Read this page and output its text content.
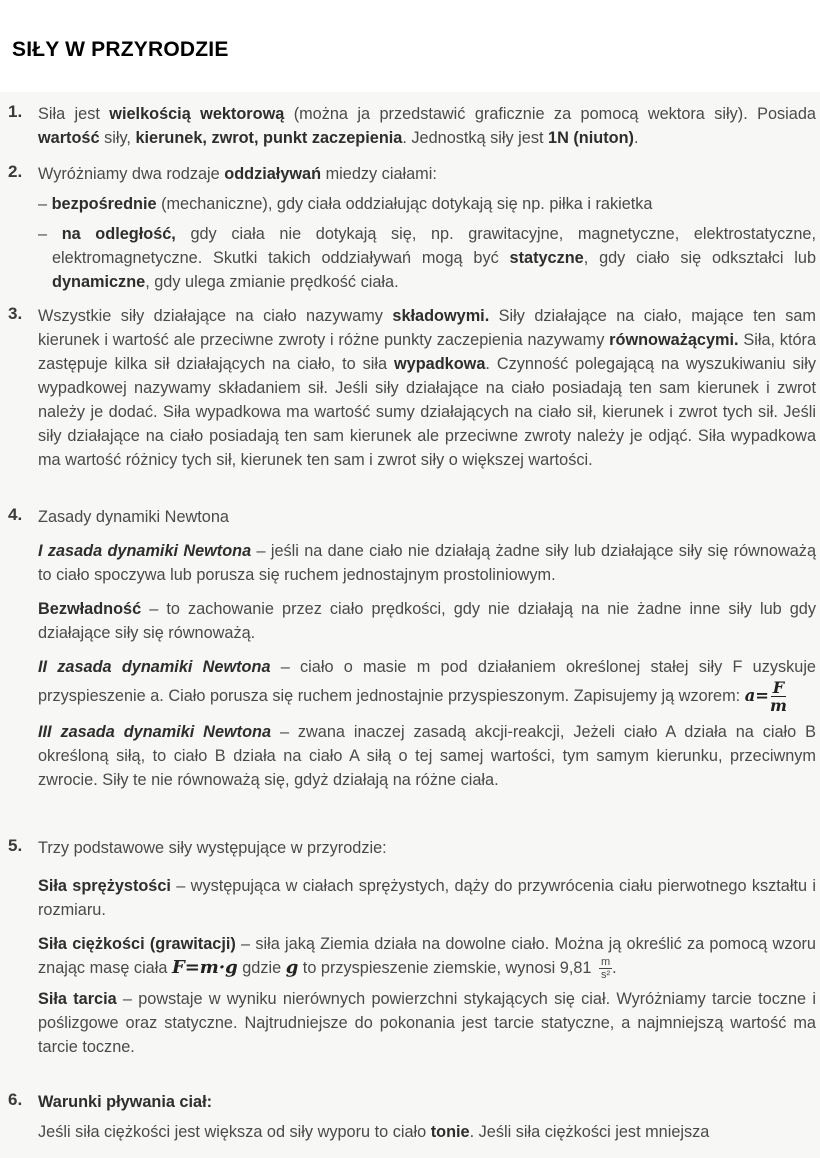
SIŁY W PRZYRODZIE
1. Siła jest wielkością wektorową (można ja przedstawić graficznie za pomocą wektora siły). Posiada wartość siły, kierunek, zwrot, punkt zaczepienia. Jednostką siły jest 1N (niuton).

2. Wyróżniamy dwa rodzaje oddziaływań miedzy ciałami:

– bezpośrednie (mechaniczne), gdy ciała oddziałując dotykają się np. piłka i rakietka

– na odległość, gdy ciała nie dotykają się, np. grawitacyjne, magnetyczne, elektrostatyczne, elektromagnetyczne. Skutki takich oddziaływań mogą być statyczne, gdy ciało się odkształci lub dynamiczne, gdy ulega zmianie prędkość ciała.

3. Wszystkie siły działające na ciało nazywamy składowymi. Siły działające na ciało, mające ten sam kierunek i wartość ale przeciwne zwroty i różne punkty zaczepienia nazywamy równoważącymi. Siła, która zastępuje kilka sił działających na ciało, to siła wypadkowa. Czynność polegającą na wyszukiwaniu siły wypadkowej nazywamy składaniem sił. Jeśli siły działające na ciało posiadają ten sam kierunek i zwrot należy je dodać. Siła wypadkowa ma wartość sumy działających na ciało sił, kierunek i zwrot tych sił. Jeśli siły działające na ciało posiadają ten sam kierunek ale przeciwne zwroty należy je odjąć. Siła wypadkowa ma wartość różnicy tych sił, kierunek ten sam i zwrot siły o większej wartości.

4. Zasady dynamiki Newtona

I zasada dynamiki Newtona – jeśli na dane ciało nie działają żadne siły lub działające siły się równoważą to ciało spoczywa lub porusza się ruchem jednostajnym prostoliniowym.

Bezwładność – to zachowanie przez ciało prędkości, gdy nie działają na nie żadne inne siły lub gdy działające siły się równoważą.

II zasada dynamiki Newtona – ciało o masie m pod działaniem określonej stałej siły F uzyskuje przyspieszenie a. Ciało porusza się ruchem jednostajnie przyspieszonym. Zapisujemy ją wzorem: $a= \frac{F}{m}$

III zasada dynamiki Newtona – zwana inaczej zasadą akcji-reakcji, Jeżeli ciało A działa na ciało B określoną siłą, to ciało B działa na ciało A siłą o tej samej wartości, tym samym kierunku, przeciwnym zwrocie. Siły te nie równoważą się, gdyż działają na różne ciała.

5. Trzy podstawowe siły występujące w przyrodzie:

Siła sprężystości – występująca w ciałach sprężystych, dąży do przywrócenia ciału pierwotnego kształtu i rozmiaru.

Siła ciężkości (grawitacji) – siła jaką Ziemia działa na dowolne ciało. Można ją określić za pomocą wzoru znając masę ciała F=m·g gdzie g to przyspieszenie ziemskie, wynosi $9,81 \frac{m}{\text{s²}}$ .

Siła tarcia – powstaje w wyniku nierównych powierzchni stykających się ciał. Wyróżniamy tarcie toczne i poślizgowe oraz statyczne. Najtrudniejsze do pokonania jest tarcie statyczne, a najmniejszą wartość ma tarcie toczne.

6. Warunki pływania ciał:

Jeśli siła ciężkości jest większa od siły wyporu to ciało tonie. Jeśli siła ciężkości jest mniejsza
